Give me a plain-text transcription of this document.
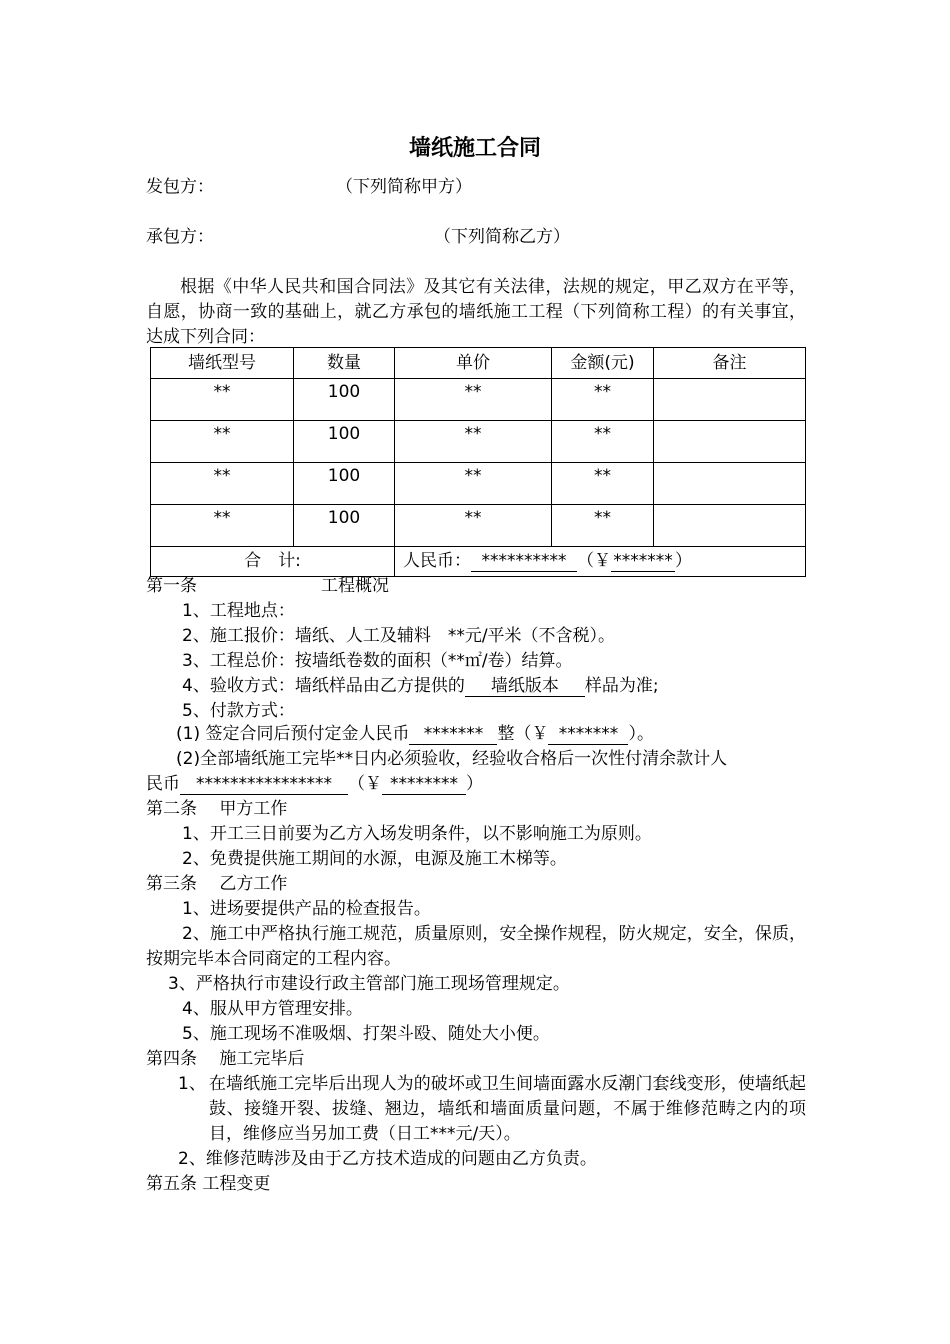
墙纸施工合同
发包方：	（下列简称甲方）
承包方：	（下列简称乙方）
根据《中华人民共和国合同法》及其它有关法律，法规的规定，甲乙双方在平等，自愿，协商一致的基础上，就乙方承包的墙纸施工工程（下列简称工程）的有关事宜，达成下列合同：
墙纸型号	数量	单价	金额(元)	备注
**	100	**	**	
**	100	**	**	
**	100	**	**	
**	100	**	**	
合　计:		人民币： ********** （￥ ******* ）		
第一条	工程概况
1、工程地点：
2、施工报价：墙纸、人工及辅料　**元/平米（不含税）。
3、工程总价：按墙纸卷数的面积（**㎡/卷）结算。
4、验收方式：墙纸样品由乙方提供的 墙纸版本 样品为准;
5、付款方式：
(1) 签定合同后预付定金人民币 ******* 整（￥ ******* ）。
(2)全部墙纸施工完毕**日内必须验收，经验收合格后一次性付清余款计人
民币 **************** （￥ ******** ）
第二条　 甲方工作
1、开工三日前要为乙方入场发明条件，以不影响施工为原则。
2、免费提供施工期间的水源，电源及施工木梯等。
第三条　 乙方工作
1、进场要提供产品的检查报告。
2、施工中严格执行施工规范，质量原则，安全操作规程，防火规定，安全，保质，按期完毕本合同商定的工程内容。
3、严格执行市建设行政主管部门施工现场管理规定。
4、服从甲方管理安排。
5、施工现场不准吸烟、打架斗殴、随处大小便。
第四条　 施工完毕后
1、 在墙纸施工完毕后出现人为的破坏或卫生间墙面露水反潮门套线变形，使墙纸起鼓、接缝开裂、拔缝、翘边，墙纸和墙面质量问题，不属于维修范畴之内的项目，维修应当另加工费（日工***元/天）。
2、维修范畴涉及由于乙方技术造成的问题由乙方负责。
第五条 工程变更
